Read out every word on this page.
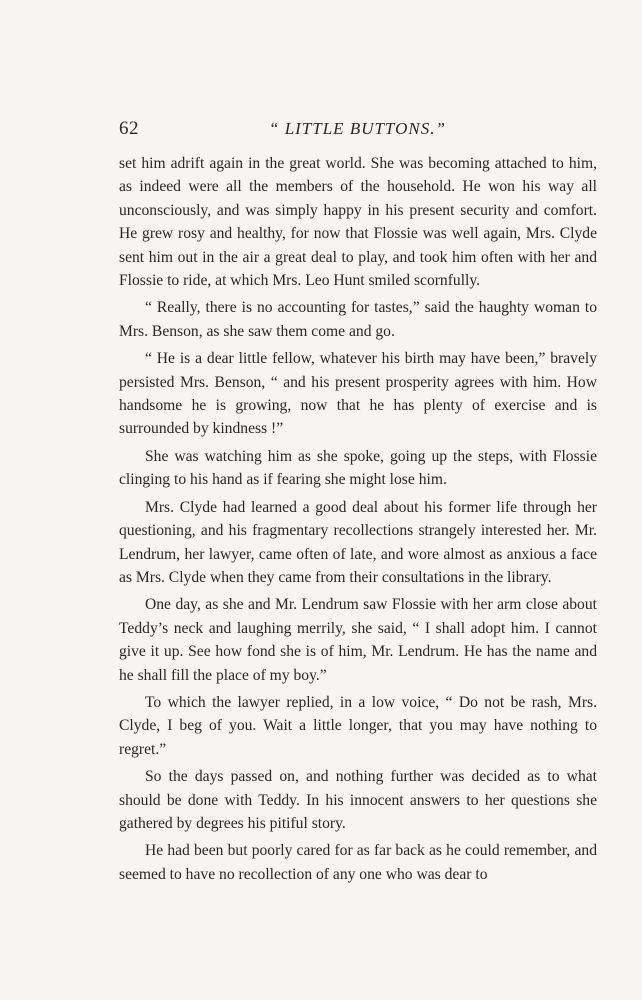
62	“ LITTLE BUTTONS.”

set him adrift again in the great world. She was becoming attached to him, as indeed were all the members of the household. He won his way all unconsciously, and was simply happy in his present security and comfort. He grew rosy and healthy, for now that Flossie was well again, Mrs. Clyde sent him out in the air a great deal to play, and took him often with her and Flossie to ride, at which Mrs. Leo Hunt smiled scornfully.

“ Really, there is no accounting for tastes,” said the haughty woman to Mrs. Benson, as she saw them come and go.

“ He is a dear little fellow, whatever his birth may have been,” bravely persisted Mrs. Benson, “ and his present prosperity agrees with him. How handsome he is growing, now that he has plenty of exercise and is surrounded by kindness !”

She was watching him as she spoke, going up the steps, with Flossie clinging to his hand as if fearing she might lose him.

Mrs. Clyde had learned a good deal about his former life through her questioning, and his fragmentary recollections strangely interested her. Mr. Lendrum, her lawyer, came often of late, and wore almost as anxious a face as Mrs. Clyde when they came from their consultations in the library.

One day, as she and Mr. Lendrum saw Flossie with her arm close about Teddy’s neck and laughing merrily, she said, “ I shall adopt him. I cannot give it up. See how fond she is of him, Mr. Lendrum. He has the name and he shall fill the place of my boy.”

To which the lawyer replied, in a low voice, “ Do not be rash, Mrs. Clyde, I beg of you. Wait a little longer, that you may have nothing to regret.”

So the days passed on, and nothing further was decided as to what should be done with Teddy. In his innocent answers to her questions she gathered by degrees his pitiful story.

He had been but poorly cared for as far back as he could remember, and seemed to have no recollection of any one who was dear to
